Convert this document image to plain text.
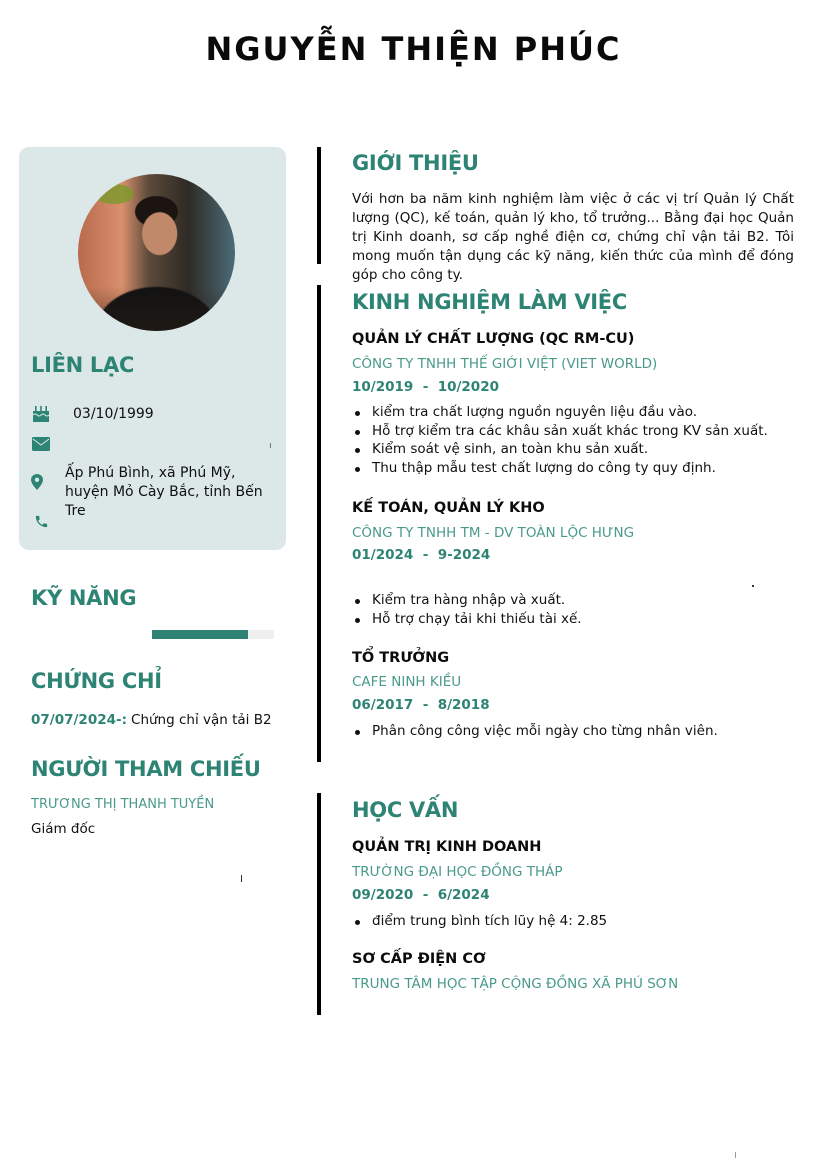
NGUYỄN THIỆN PHÚC
LIÊN LẠC
03/10/1999
Ấp Phú Bình, xã Phú Mỹ, huyện Mỏ Cày Bắc, tỉnh Bến Tre
KỸ NĂNG
CHỨNG CHỈ
07/07/2024-: Chứng chỉ vận tải B2
NGƯỜI THAM CHIẾU
TRƯƠNG THỊ THANH TUYỀN
Giám đốc
GIỚI THIỆU
Với hơn ba năm kinh nghiệm làm việc ở các vị trí Quản lý Chất lượng (QC), kế toán, quản lý kho, tổ trưởng... Bằng đại học Quản trị Kinh doanh, sơ cấp nghề điện cơ, chứng chỉ vận tải B2. Tôi mong muốn tận dụng các kỹ năng, kiến thức của mình để đóng góp cho công ty.
KINH NGHIỆM LÀM VIỆC
QUẢN LÝ CHẤT LƯỢNG (QC RM-CU)
CÔNG TY TNHH THẾ GIỚI VIỆT (VIET WORLD)
10/2019  -  10/2020
kiểm tra chất lượng nguồn nguyên liệu đầu vào.
Hỗ trợ kiểm tra các khâu sản xuất khác trong KV sản xuất.
Kiểm soát vệ sinh, an toàn khu sản xuất.
Thu thập mẫu test chất lượng do công ty quy định.
KẾ TOÁN, QUẢN LÝ KHO
CÔNG TY TNHH TM - DV TOÀN LỘC HƯNG
01/2024  -  9-2024
Kiểm tra hàng nhập và xuất.
Hỗ trợ chạy tải khi thiếu tài xế.
TỔ TRƯỞNG
CAFE NINH KIỀU
06/2017  -  8/2018
Phân công công việc mỗi ngày cho từng nhân viên.
HỌC VẤN
QUẢN TRỊ KINH DOANH
TRƯỜNG ĐẠI HỌC ĐỒNG THÁP
09/2020  -  6/2024
điểm trung bình tích lũy hệ 4: 2.85
SƠ CẤP ĐIỆN CƠ
TRUNG TÂM HỌC TẬP CỘNG ĐỒNG XÃ PHÚ SƠN
